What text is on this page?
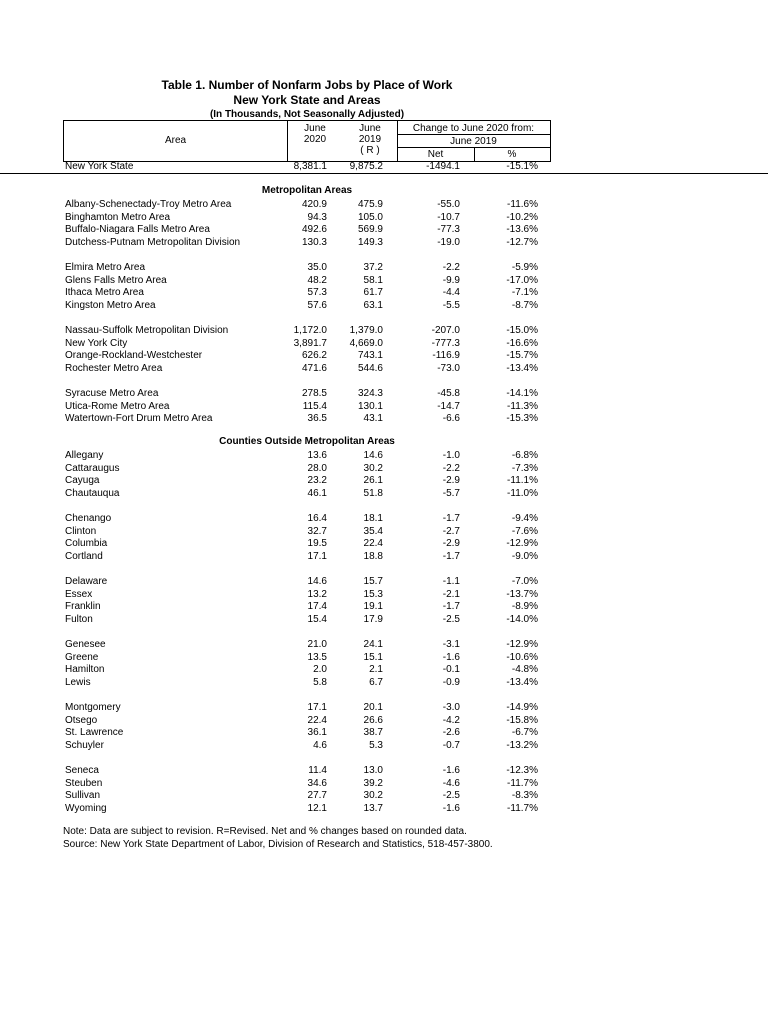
Table 1. Number of Nonfarm Jobs by Place of Work
New York State and Areas
(In Thousands, Not Seasonally Adjusted)
Area
June
2020
June
2019
( R )
Change to June 2020 from:
June 2019
Net	%
New York State	8,381.1 9,875.2	-1494.1	-15.1%
Metropolitan Areas
Counties Outside Metropolitan Areas
Albany-Schenectady-Troy Metro Area	420.9	475.9	-55.0	-11.6%
Binghamton Metro Area	94.3	105.0	-10.7	-10.2%
Buffalo-Niagara Falls Metro Area	492.6	569.9	-77.3	-13.6%
Dutchess-Putnam Metropolitan Division	130.3	149.3	-19.0	-12.7%
Elmira Metro Area	35.0	37.2	-2.2	-5.9%
Glens Falls Metro Area	48.2	58.1	-9.9	-17.0%
Ithaca Metro Area	57.3	61.7	-4.4	-7.1%
Kingston Metro Area	57.6	63.1	-5.5	-8.7%
Nassau-Suffolk Metropolitan Division	1,172.0 1,379.0	-207.0	-15.0%
New York City	3,891.7 4,669.0	-777.3	-16.6%
Orange-Rockland-Westchester	626.2	743.1	-116.9	-15.7%
Rochester Metro Area	471.6	544.6	-73.0	-13.4%
Syracuse Metro Area	278.5	324.3	-45.8	-14.1%
Utica-Rome Metro Area	115.4	130.1	-14.7	-11.3%
Watertown-Fort Drum Metro Area	36.5	43.1	-6.6	-15.3%
Allegany	13.6	14.6	-1.0	-6.8%
Cattaraugus	28.0	30.2	-2.2	-7.3%
Cayuga	23.2	26.1	-2.9	-11.1%
Chautauqua	46.1	51.8	-5.7	-11.0%
Chenango	16.4	18.1	-1.7	-9.4%
Clinton	32.7	35.4	-2.7	-7.6%
Columbia	19.5	22.4	-2.9	-12.9%
Cortland	17.1	18.8	-1.7	-9.0%
Delaware	14.6	15.7	-1.1	-7.0%
Essex	13.2	15.3	-2.1	-13.7%
Franklin	17.4	19.1	-1.7	-8.9%
Fulton	15.4	17.9	-2.5	-14.0%
Genesee	21.0	24.1	-3.1	-12.9%
Greene	13.5	15.1	-1.6	-10.6%
Hamilton	2.0	2.1	-0.1	-4.8%
Lewis	5.8	6.7	-0.9	-13.4%
Montgomery	17.1	20.1	-3.0	-14.9%
Otsego	22.4	26.6	-4.2	-15.8%
St. Lawrence	36.1	38.7	-2.6	-6.7%
Schuyler	4.6	5.3	-0.7	-13.2%
Seneca	11.4	13.0	-1.6	-12.3%
Steuben	34.6	39.2	-4.6	-11.7%
Sullivan	27.7	30.2	-2.5	-8.3%
Wyoming	12.1	13.7	-1.6	-11.7%
Note: Data are subject to revision. R=Revised. Net and % changes based on rounded data.
Source: New York State Department of Labor, Division of Research and Statistics, 518-457-3800.
